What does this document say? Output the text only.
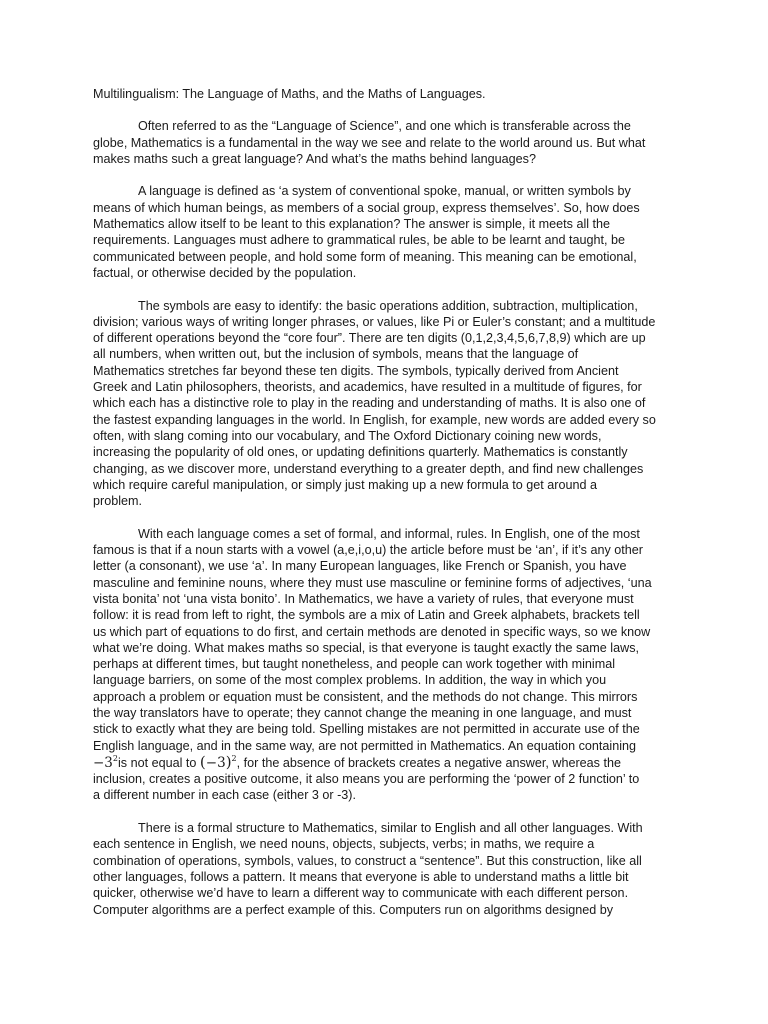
Multilingualism: The Language of Maths, and the Maths of Languages.
Often referred to as the “Language of Science”, and one which is transferable across the
globe, Mathematics is a fundamental in the way we see and relate to the world around us. But what
makes maths such a great language? And what’s the maths behind languages?
A language is defined as ‘a system of conventional spoke, manual, or written symbols by
means of which human beings, as members of a social group, express themselves’. So, how does
Mathematics allow itself to be leant to this explanation? The answer is simple, it meets all the
requirements. Languages must adhere to grammatical rules, be able to be learnt and taught, be
communicated between people, and hold some form of meaning. This meaning can be emotional,
factual, or otherwise decided by the population.
The symbols are easy to identify: the basic operations addition, subtraction, multiplication,
division; various ways of writing longer phrases, or values, like Pi or Euler’s constant; and a multitude
of different operations beyond the “core four”. There are ten digits (0,1,2,3,4,5,6,7,8,9) which are up
all numbers, when written out, but the inclusion of symbols, means that the language of
Mathematics stretches far beyond these ten digits. The symbols, typically derived from Ancient
Greek and Latin philosophers, theorists, and academics, have resulted in a multitude of figures, for
which each has a distinctive role to play in the reading and understanding of maths. It is also one of
the fastest expanding languages in the world. In English, for example, new words are added every so
often, with slang coming into our vocabulary, and The Oxford Dictionary coining new words,
increasing the popularity of old ones, or updating definitions quarterly. Mathematics is constantly
changing, as we discover more, understand everything to a greater depth, and find new challenges
which require careful manipulation, or simply just making up a new formula to get around a
problem.
With each language comes a set of formal, and informal, rules. In English, one of the most
famous is that if a noun starts with a vowel (a,e,i,o,u) the article before must be ‘an’, if it’s any other
letter (a consonant), we use ‘a’. In many European languages, like French or Spanish, you have
masculine and feminine nouns, where they must use masculine or feminine forms of adjectives, ‘una
vista bonita’ not ‘una vista bonito’. In Mathematics, we have a variety of rules, that everyone must
follow: it is read from left to right, the symbols are a mix of Latin and Greek alphabets, brackets tell
us which part of equations to do first, and certain methods are denoted in specific ways, so we know
what we’re doing. What makes maths so special, is that everyone is taught exactly the same laws,
perhaps at different times, but taught nonetheless, and people can work together with minimal
language barriers, on some of the most complex problems. In addition, the way in which you
approach a problem or equation must be consistent, and the methods do not change. This mirrors
the way translators have to operate; they cannot change the meaning in one language, and must
stick to exactly what they are being told. Spelling mistakes are not permitted in accurate use of the
English language, and in the same way, are not permitted in Mathematics. An equation containing
$-3^2is$ not equal to $(-3)^2$, for the absence of brackets creates a negative answer, whereas the
inclusion, creates a positive outcome, it also means you are performing the ‘power of 2 function’ to
a different number in each case (either 3 or -3).
There is a formal structure to Mathematics, similar to English and all other languages. With
each sentence in English, we need nouns, objects, subjects, verbs; in maths, we require a
combination of operations, symbols, values, to construct a “sentence”. But this construction, like all
other languages, follows a pattern. It means that everyone is able to understand maths a little bit
quicker, otherwise we’d have to learn a different way to communicate with each different person.
Computer algorithms are a perfect example of this. Computers run on algorithms designed by
